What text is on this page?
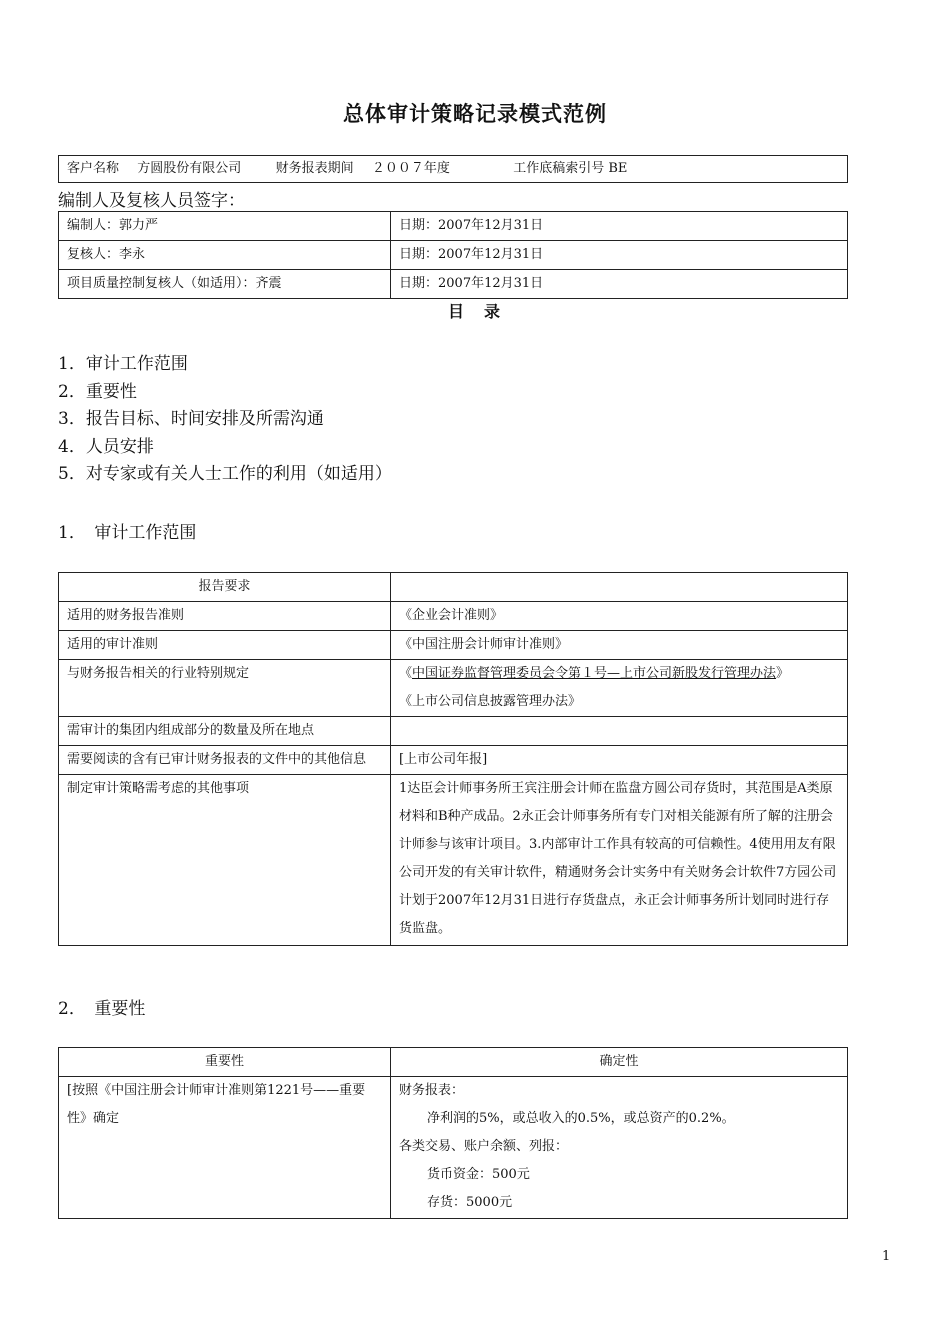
总体审计策略记录模式范例
客户名称 方圆股份有限公司	财务报表期间 ２００７年度	工作底稿索引号 BE
编制人及复核人员签字：
编制人：郭力严	日期：2007年12月31日
复核人：李永	日期：2007年12月31日
项目质量控制复核人（如适用）：齐震	日期：2007年12月31日
目　录
1．审计工作范围
2．重要性
3．报告目标、时间安排及所需沟通
4．人员安排
5．对专家或有关人士工作的利用（如适用）
1．　审计工作范围
报告要求	
适用的财务报告准则	《企业会计准则》
适用的审计准则	《中国注册会计师审计准则》
与财务报告相关的行业特别规定	《中国证券监督管理委员会令第１号—上市公司新股发行管理办法》
《上市公司信息披露管理办法》

需审计的集团内组成部分的数量及所在地点	
需要阅读的含有已审计财务报表的文件中的其他信息	[上市公司年报]
制定审计策略需考虑的其他事项	1达臣会计师事务所王宾注册会计师在监盘方圆公司存货时，其范围是A类原材料和B种产成品。2永正会计师事务所有专门对相关能源有所了解的注册会计师参与该审计项目。3.内部审计工作具有较高的可信赖性。4使用用友有限公司开发的有关审计软件，精通财务会计实务中有关财务会计软件7方园公司计划于2007年12月31日进行存货盘点，永正会计师事务所计划同时进行存货监盘。
2．　重要性
重要性	确定性
[按照《中国注册会计师审计准则第1221号——重要性》确定	财务报表：
净利润的5%，或总收入的0.5%，或总资产的0.2%。
各类交易、账户余额、列报：
货币资金：500元
存货：5000元
1
